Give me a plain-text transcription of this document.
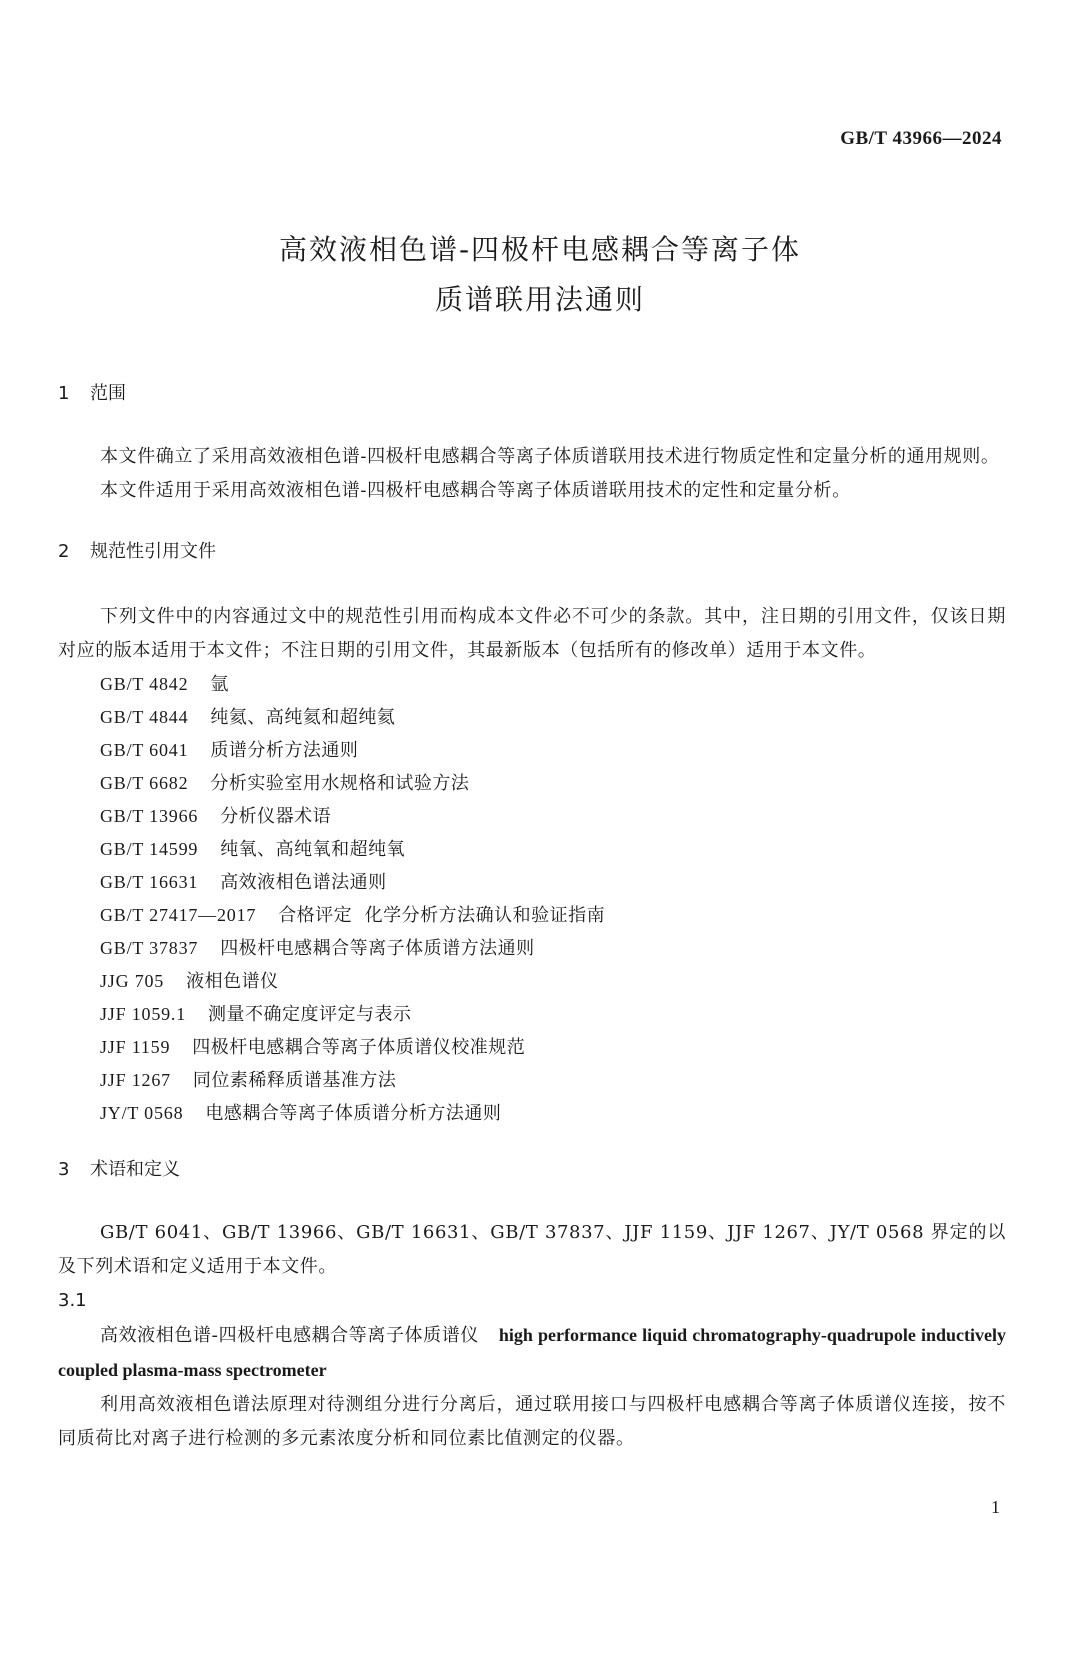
GB/T 43966—2024
高效液相色谱-四极杆电感耦合等离子体
质谱联用法通则
1 范围

本文件确立了采用高效液相色谱-四极杆电感耦合等离子体质谱联用技术进行物质定性和定量分析的通用规则。

本文件适用于采用高效液相色谱-四极杆电感耦合等离子体质谱联用技术的定性和定量分析。

2 规范性引用文件

下列文件中的内容通过文中的规范性引用而构成本文件必不可少的条款。其中，注日期的引用文件，仅该日期对应的版本适用于本文件；不注日期的引用文件，其最新版本（包括所有的修改单）适用于本文件。

GB/T 4842 氩
GB/T 4844 纯氦、高纯氦和超纯氦
GB/T 6041 质谱分析方法通则
GB/T 6682 分析实验室用水规格和试验方法
GB/T 13966 分析仪器术语
GB/T 14599 纯氧、高纯氧和超纯氧
GB/T 16631 高效液相色谱法通则
GB/T 27417—2017 合格评定  化学分析方法确认和验证指南
GB/T 37837 四极杆电感耦合等离子体质谱方法通则
JJG 705 液相色谱仪
JJF 1059.1 测量不确定度评定与表示
JJF 1159 四极杆电感耦合等离子体质谱仪校准规范
JJF 1267 同位素稀释质谱基准方法
JY/T 0568 电感耦合等离子体质谱分析方法通则
3 术语和定义

GB/T 6041、GB/T 13966、GB/T 16631、GB/T 37837、JJF 1159、JJF 1267、JY/T 0568 界定的以及下列术语和定义适用于本文件。

3.1

高效液相色谱-四极杆电感耦合等离子体质谱仪 high performance liquid chromatography-quadrupole inductively coupled plasma-mass spectrometer

利用高效液相色谱法原理对待测组分进行分离后，通过联用接口与四极杆电感耦合等离子体质谱仪连接，按不同质荷比对离子进行检测的多元素浓度分析和同位素比值测定的仪器。

1
